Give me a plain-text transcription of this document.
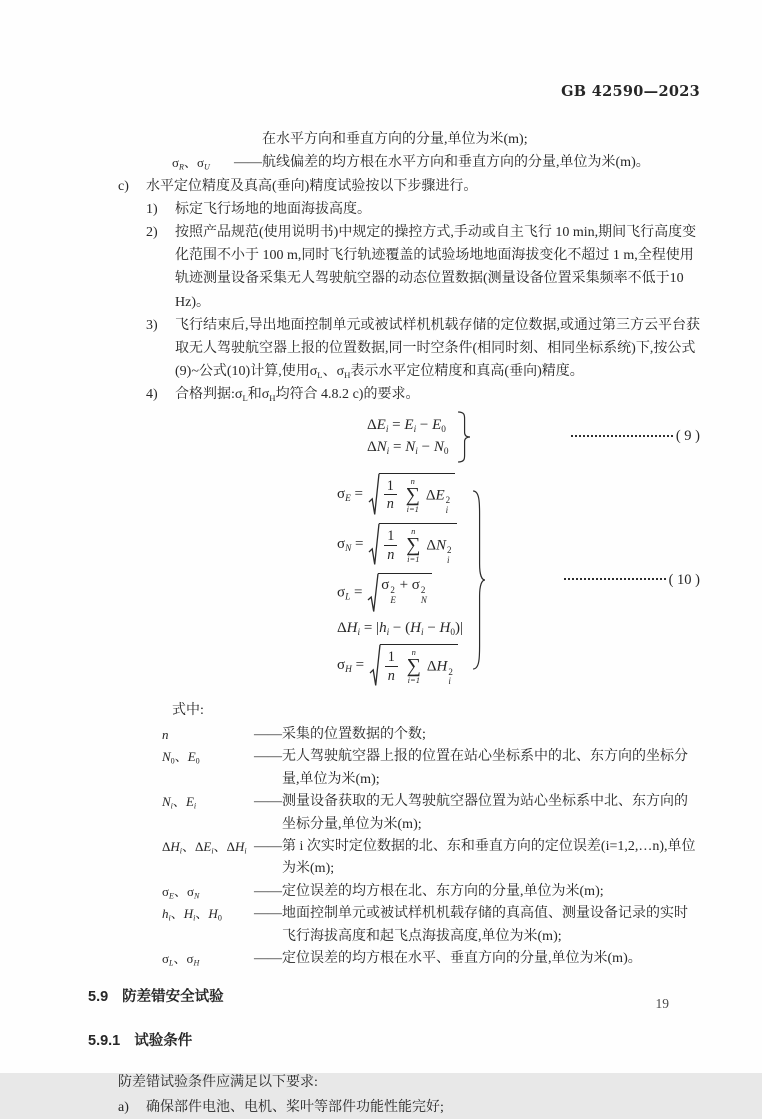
GB 42590—2023
在水平方向和垂直方向的分量,单位为米(m);
$\sigma_R$、$\sigma_U$	——航线偏差的均方根在水平方向和垂直方向的分量,单位为米(m)。
c)	水平定位精度及真高(垂向)精度试验按以下步骤进行。
1)	标定飞行场地的地面海拔高度。
2)	按照产品规范(使用说明书)中规定的操控方式,手动或自主飞行 10 min,期间飞行高度变化范围不小于 100 m,同时飞行轨迹覆盖的试验场地地面海拔变化不超过 1 m,全程使用轨迹测量设备采集无人驾驶航空器的动态位置数据(测量设备位置采集频率不低于10 Hz)。
3)	飞行结束后,导出地面控制单元或被试样机机载存储的定位数据,或通过第三方云平台获取无人驾驶航空器上报的位置数据,同一时空条件(相同时刻、相同坐标系统)下,按公式(9)~公式(10)计算,使用$\sigma_L$、$\sigma_H$表示水平定位精度和真高(垂向)精度。
4)	合格判据$:\sigma_L$和$\sigma_H$均符合 4.8.2 c)的要求。
$\Delta E_i = E_i - E_0$
$\Delta N_i = N_i - N_0$
( 9 )
$\sigma_E = \frac{1}{n}$
n
∑
i=1
ΔE 2
i
$\sigma_N = \frac{1}{n}$
n
∑
i=1
ΔN 2
i
$\sigma_L = \sigma$ 2
E
+ σ 2
N
$\Delta H_i = |h_i - (H_i - H_0)|$
$\sigma_H = \frac{1}{n}$
n
∑
i=1
ΔH 2
i
( 10 )
式中:
n	——采集的位置数据的个数;
$N_0$、$E_0$	——无人驾驶航空器上报的位置在站心坐标系中的北、东方向的坐标分量,单位为米(m);
$N_i$、$E_i$	——测量设备获取的无人驾驶航空器位置为站心坐标系中北、东方向的坐标分量,单位为米(m);
$\Delta H_i$、$\Delta E_i$、$\Delta H_i$ ——第 i 次实时定位数据的北、东和垂直方向的定位误差(i=1,2,…n),单位为米(m);
$\sigma_E$、$\sigma_N$	——定位误差的均方根在北、东方向的分量,单位为米(m);
$h_i$、$H_i$、$H_0$	——地面控制单元或被试样机机载存储的真高值、测量设备记录的实时飞行海拔高度和起飞点海拔高度,单位为米(m);
$\sigma_L$、$\sigma_H$	——定位误差的均方根在水平、垂直方向的分量,单位为米(m)。
5.9 防差错安全试验
5.9.1 试验条件
防差错试验条件应满足以下要求:
a)	确保部件电池、电机、桨叶等部件功能性能完好;
19
